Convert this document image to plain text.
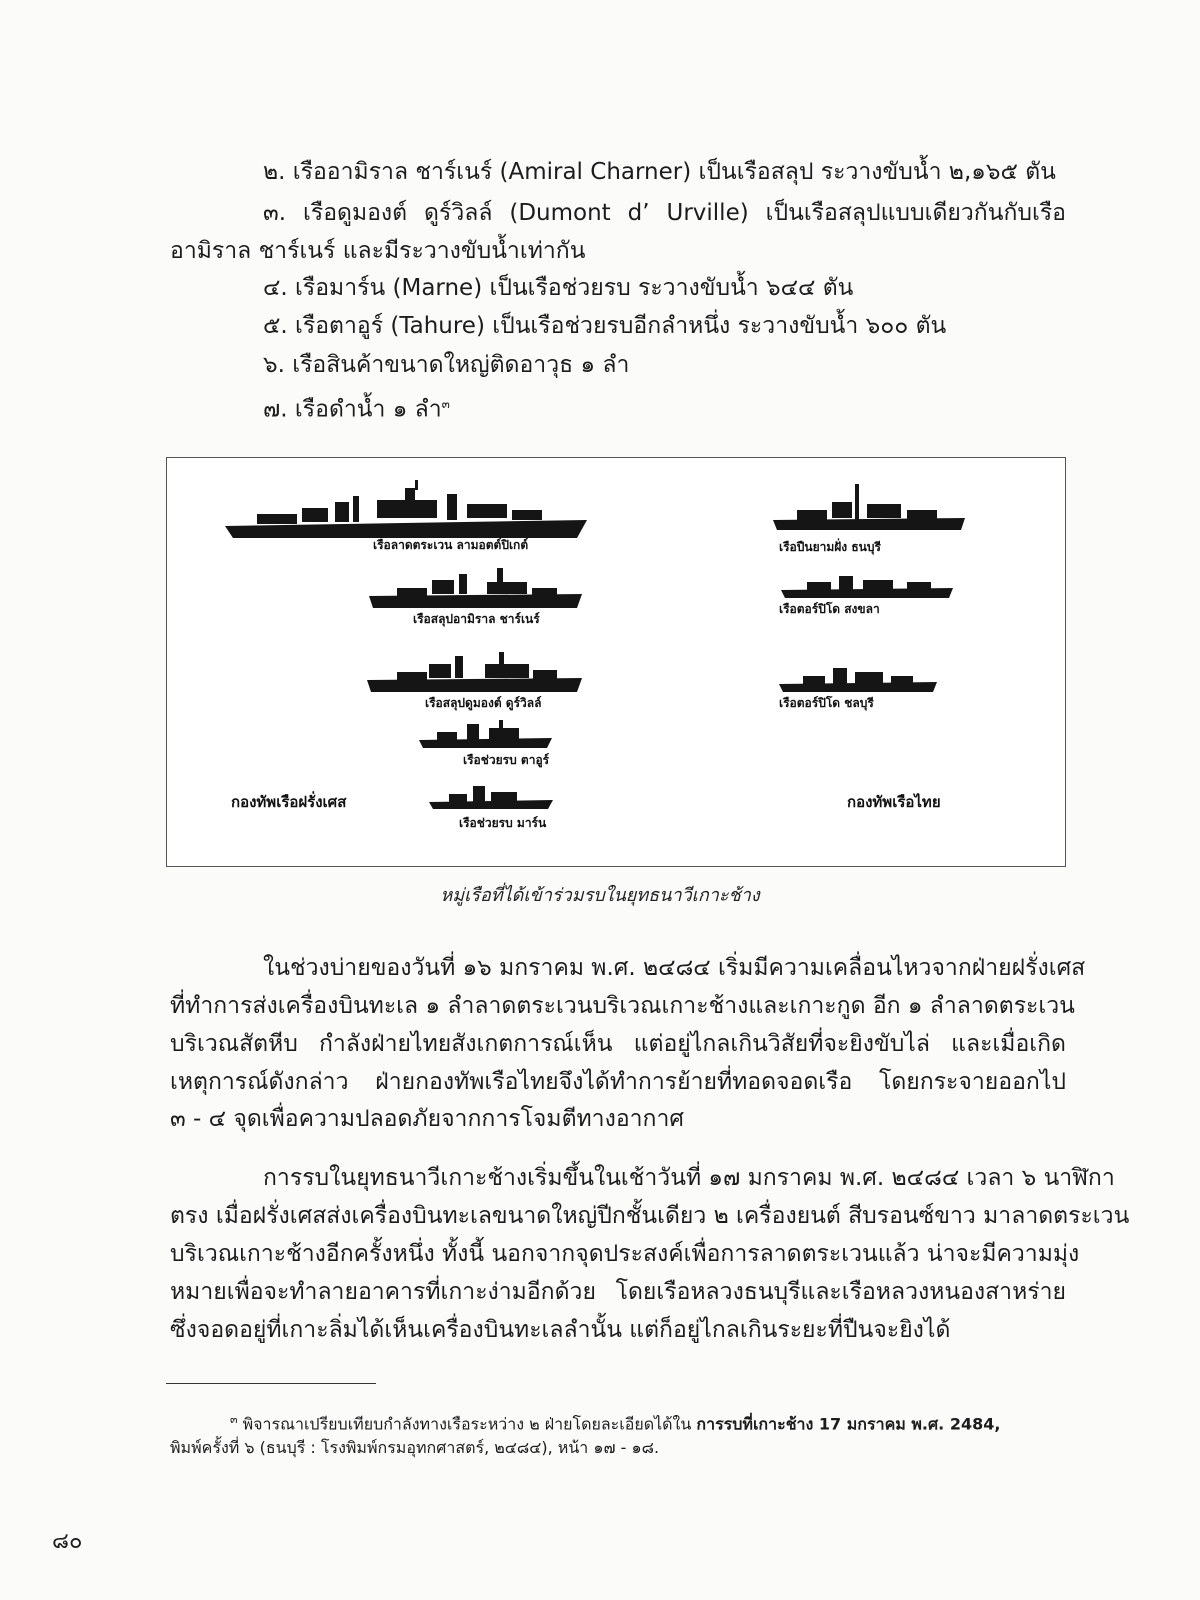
๒. เรืออามิราล ชาร์เนร์ (Amiral Charner) เป็นเรือสลุป ระวางขับน้ำ ๒,๑๖๕ ตัน
๓. เรือดูมองต์ ดูร์วิลล์ (Dumont d’ Urville) เป็นเรือสลุปแบบเดียวกันกับเรือ
อามิราล ชาร์เนร์ และมีระวางขับน้ำเท่ากัน
๔. เรือมาร์น (Marne) เป็นเรือช่วยรบ ระวางขับน้ำ ๖๔๔ ตัน
๕. เรือตาอูร์ (Tahure) เป็นเรือช่วยรบอีกลำหนึ่ง ระวางขับน้ำ ๖๐๐ ตัน
๖. เรือสินค้าขนาดใหญ่ติดอาวุธ ๑ ลำ
๗. เรือดำน้ำ ๑ ลำ$^๓$
เรือลาดตระเวน ลามอตต์ปิเกต์
เรือสลุปอามิราล ชาร์เนร์
เรือสลุปดูมองต์ ดูร์วิลล์
เรือช่วยรบ ตาอูร์
เรือช่วยรบ มาร์น
เรือปืนยามฝั่ง ธนบุรี
เรือตอร์ปิโด สงขลา
เรือตอร์ปิโด ชลบุรี
กองทัพเรือฝรั่งเศส	กองทัพเรือไทย
หมู่เรือที่ได้เข้าร่วมรบในยุทธนาวีเกาะช้าง
ในช่วงบ่ายของวันที่ ๑๖ มกราคม พ.ศ. ๒๔๘๔ เริ่มมีความเคลื่อนไหวจากฝ่ายฝรั่งเศส
ที่ทำการส่งเครื่องบินทะเล ๑ ลำลาดตระเวนบริเวณเกาะช้างและเกาะกูด อีก ๑ ลำลาดตระเวน
บริเวณสัตหีบ กำลังฝ่ายไทยสังเกตการณ์เห็น แต่อยู่ไกลเกินวิสัยที่จะยิงขับไล่ และเมื่อเกิด
เหตุการณ์ดังกล่าว ฝ่ายกองทัพเรือไทยจึงได้ทำการย้ายที่ทอดจอดเรือ โดยกระจายออกไป
๓ - ๔ จุดเพื่อความปลอดภัยจากการโจมตีทางอากาศ
การรบในยุทธนาวีเกาะช้างเริ่มขึ้นในเช้าวันที่ ๑๗ มกราคม พ.ศ. ๒๔๘๔ เวลา ๖ นาฬิกา
ตรง เมื่อฝรั่งเศสส่งเครื่องบินทะเลขนาดใหญ่ปีกชั้นเดียว ๒ เครื่องยนต์ สีบรอนซ์ขาว มาลาดตระเวน
บริเวณเกาะช้างอีกครั้งหนึ่ง ทั้งนี้ นอกจากจุดประสงค์เพื่อการลาดตระเวนแล้ว น่าจะมีความมุ่ง
หมายเพื่อจะทำลายอาคารที่เกาะง่ามอีกด้วย โดยเรือหลวงธนบุรีและเรือหลวงหนองสาหร่าย
ซึ่งจอดอยู่ที่เกาะลิ่มได้เห็นเครื่องบินทะเลลำนั้น แต่ก็อยู่ไกลเกินระยะที่ปืนจะยิงได้
$^๓$ พิจารณาเปรียบเทียบกำลังทางเรือระหว่าง ๒ ฝ่ายโดยละเอียดได้ใน การรบที่เกาะช้าง 17 มกราคม พ.ศ. 2484,
พิมพ์ครั้งที่ ๖ (ธนบุรี : โรงพิมพ์กรมอุทกศาสตร์, ๒๔๘๔), หน้า ๑๗ - ๑๘.
๘๐
